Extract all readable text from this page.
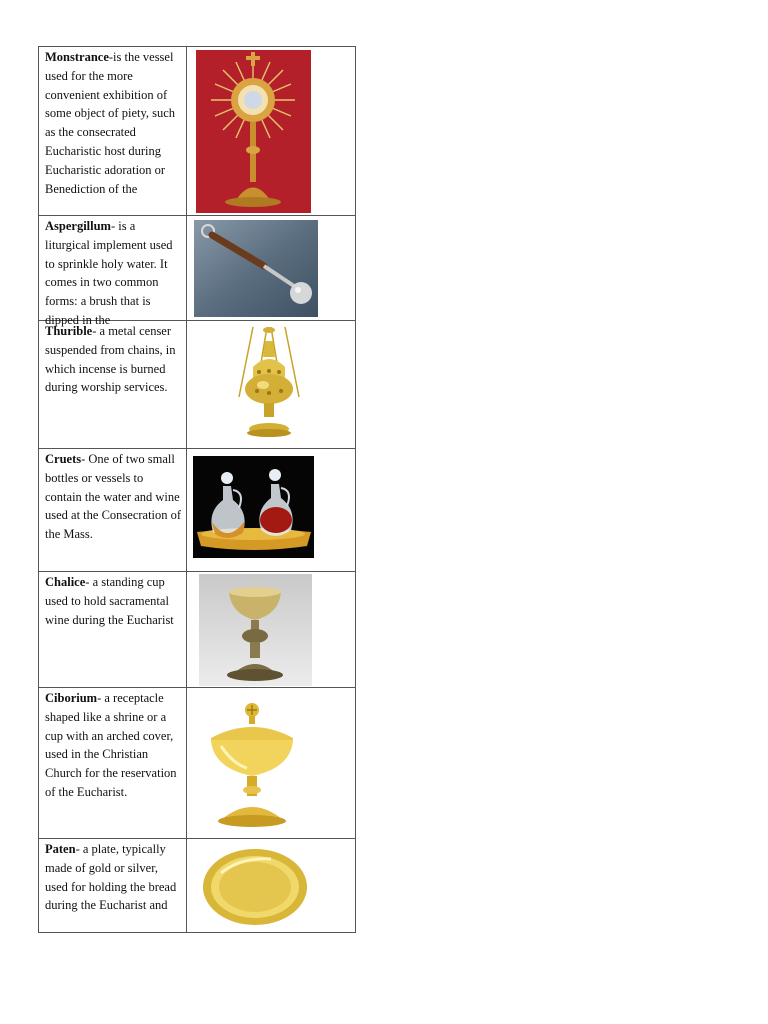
Monstrance-is the vessel used for the more convenient exhibition of some object of piety, such as the consecrated Eucharistic host during Eucharistic adoration or Benediction of the

Aspergillum- is a liturgical implement used to sprinkle holy water. It comes in two common forms: a brush that is dipped in the

Thurible- a metal censer suspended from chains, in which incense is burned during worship services.

Cruets- One of two small bottles or vessels to contain the water and wine used at the Consecration of the Mass.

Chalice- a standing cup used to hold sacramental wine during the Eucharist

Ciborium- a receptacle shaped like a shrine or a cup with an arched cover, used in the Christian Church for the reservation of the Eucharist.

Paten- a plate, typically made of gold or silver, used for holding the bread during the Eucharist and
